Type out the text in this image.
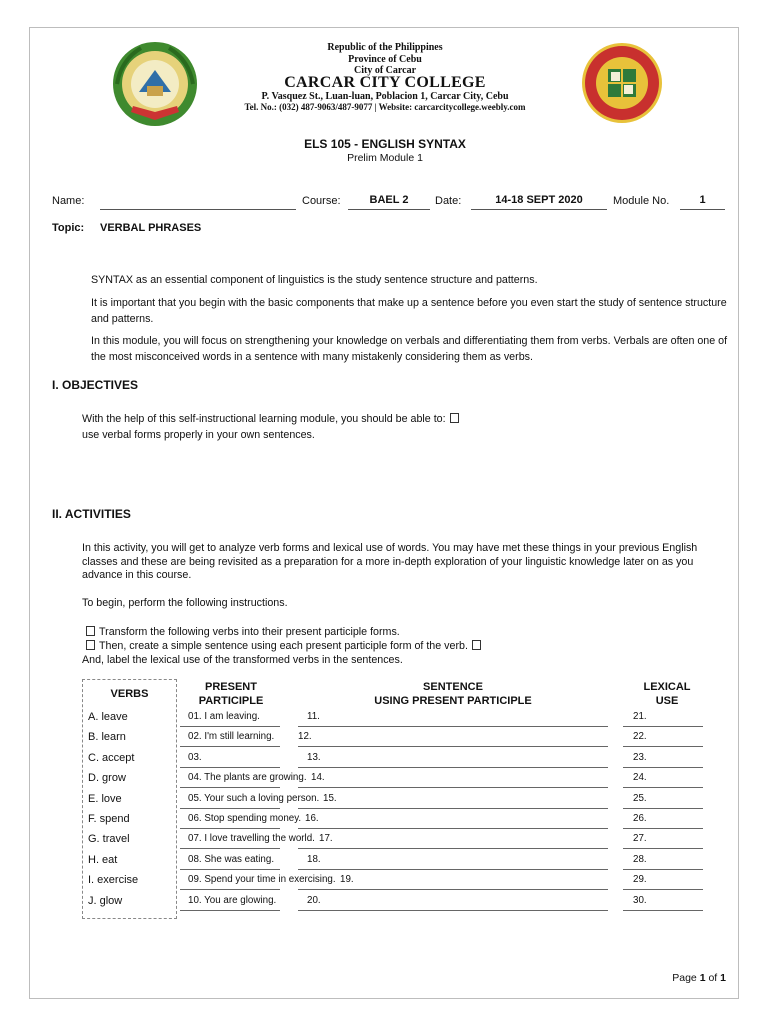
Republic of the Philippines
Province of Cebu
City of Carcar
CARCAR CITY COLLEGE
P. Vasquez St., Luan-luan, Poblacion 1, Carcar City, Cebu
Tel. No.: (032) 487-9063/487-9077 | Website: carcarcitycollege.weebly.com
ELS 105 - ENGLISH SYNTAX
Prelim Module 1
Name:	Course:	BAEL 2	Date:	14-18 SEPT 2020	Module No.	1
Topic: VERBAL PHRASES
SYNTAX as an essential component of linguistics is the study sentence structure and patterns.
It is important that you begin with the basic components that make up a sentence before you even start the study of sentence structure and patterns.
In this module, you will focus on strengthening your knowledge on verbals and differentiating them from verbs. Verbals are often one of the most misconceived words in a sentence with many mistakenly considering them as verbs.
I. OBJECTIVES
With the help of this self-instructional learning module, you should be able to:
use verbal forms properly in your own sentences.
II. ACTIVITIES
In this activity, you will get to analyze verb forms and lexical use of words. You may have met these things in your previous English classes and these are being revisited as a preparation for a more in-depth exploration of your linguistic knowledge later on as you advance in this course.
To begin, perform the following instructions.
Transform the following verbs into their present participle forms.
Then, create a simple sentence using each present participle form of the verb.
And, label the lexical use of the transformed verbs in the sentences.
VERBS
PRESENT
PARTICIPLE
SENTENCE
USING PRESENT PARTICIPLE
LEXICAL
USE
A. leave	01. I am leaving.	11.	21.
B. learn	02. I'm still learning. 12.	22.
C. accept	03.	13.	23.
D. grow	04. The plants are growing. 14.	24.
E. love	05. Your such a loving person. 15.	25.
F. spend	06. Stop spending money. 16.	26.
G. travel	07. I love travelling the world. 17.	27.
H. eat	08. She was eating.	18.	28.
I. exercise	09. Spend your time in exercising. 19.	29.
J. glow	10. You are glowing.	20.	30.
Page 1 of 1
